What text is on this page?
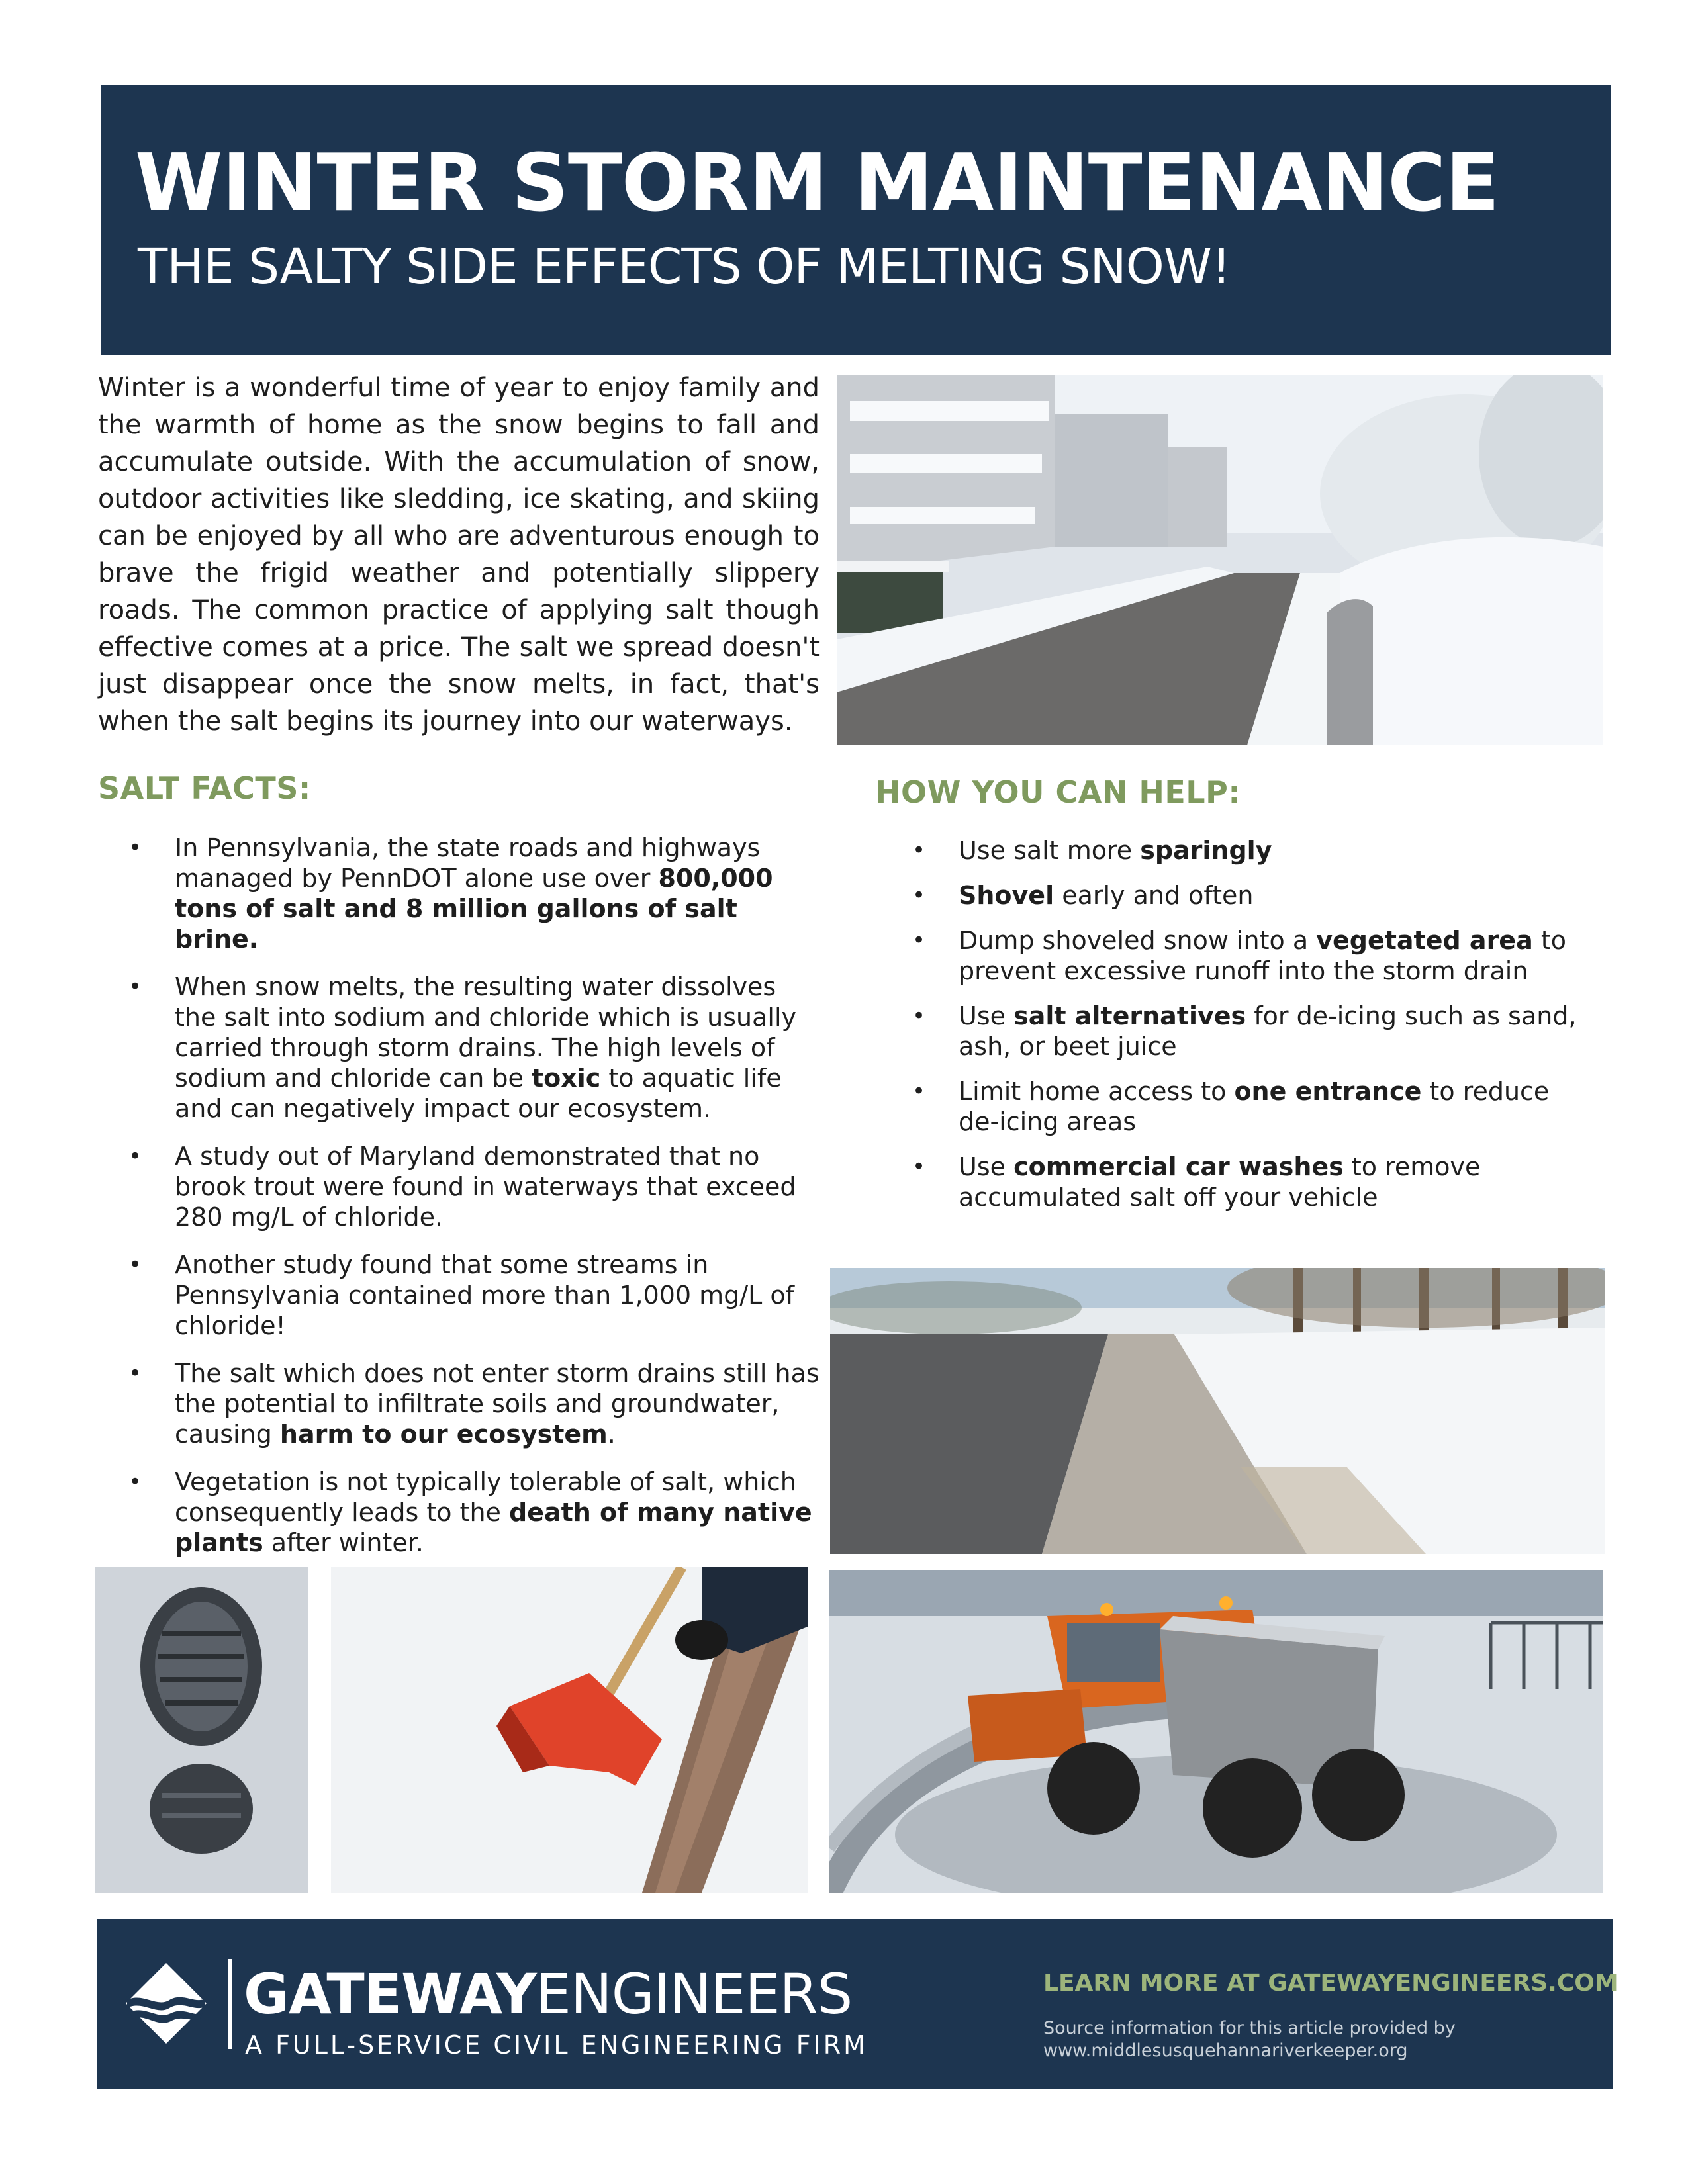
WINTER STORM MAINTENANCE
THE SALTY SIDE EFFECTS OF MELTING SNOW!
Winter is a wonderful time of year to enjoy family and the warmth of home as the snow begins to fall and accumulate outside. With the accumulation of snow, outdoor activities like sledding, ice skating, and skiing can be enjoyed by all who are adventurous enough to brave the frigid weather and potentially slippery roads. The common practice of applying salt though effective comes at a price. The salt we spread doesn't just disappear once the snow melts, in fact, that's when the salt begins its journey into our waterways.
SALT FACTS:	HOW YOU CAN HELP:
• In Pennsylvania, the state roads and highways managed by PennDOT alone use over 800,000 tons of salt and 8 million gallons of salt brine.
• When snow melts, the resulting water dissolves the salt into sodium and chloride which is usually carried through storm drains. The high levels of sodium and chloride can be toxic to aquatic life and can negatively impact our ecosystem.
• A study out of Maryland demonstrated that no brook trout were found in waterways that exceed 280 mg/L of chloride.
• Another study found that some streams in Pennsylvania contained more than 1,000 mg/L of chloride!
• The salt which does not enter storm drains still has the potential to infiltrate soils and groundwater, causing harm to our ecosystem.
• Vegetation is not typically tolerable of salt, which consequently leads to the death of many native plants after winter.
• Use salt more sparingly
• Shovel early and often
• Dump shoveled snow into a vegetated area to prevent excessive runoff into the storm drain
• Use salt alternatives for de-icing such as sand, ash, or beet juice
• Limit home access to one entrance to reduce de-icing areas
• Use commercial car washes to remove accumulated salt off your vehicle
GATEWAYENGINEERS
A FULL-SERVICE CIVIL ENGINEERING FIRM
LEARN MORE AT GATEWAYENGINEERS.COM
Source information for this article provided by
www.middlesusquehannariverkeeper.org
